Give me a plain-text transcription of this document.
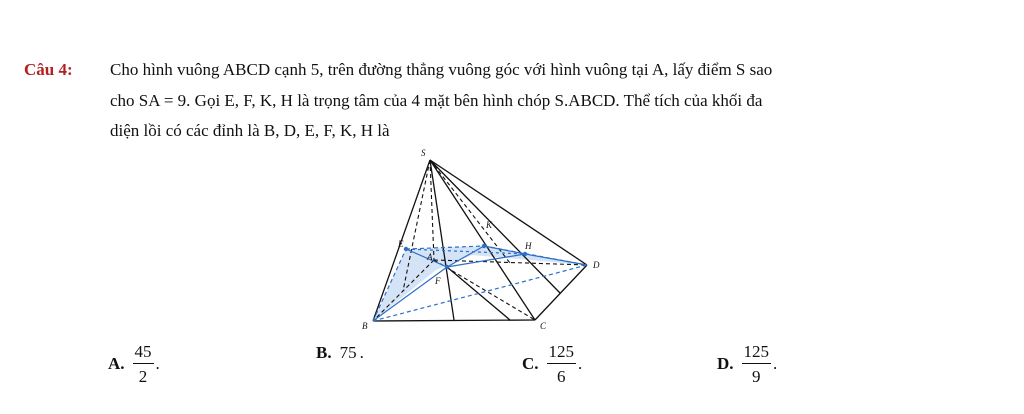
Câu 4: Cho hình vuông ABCD cạnh 5, trên đường thẳng vuông góc với hình vuông tại A, lấy điểm S sao
cho SA = 9. Gọi E, F, K, H là trọng tâm của 4 mặt bên hình chóp S.ABCD. Thể tích của khối đa
diện lồi có các đỉnh là B, D, E, F, K, H là
S
E
A
F
K
H
D
B	C
A. $\frac{45}{2}$ .
B. 75 .
C. $\frac{125}{6}$ .	D. $\frac{125}{9}$ .
